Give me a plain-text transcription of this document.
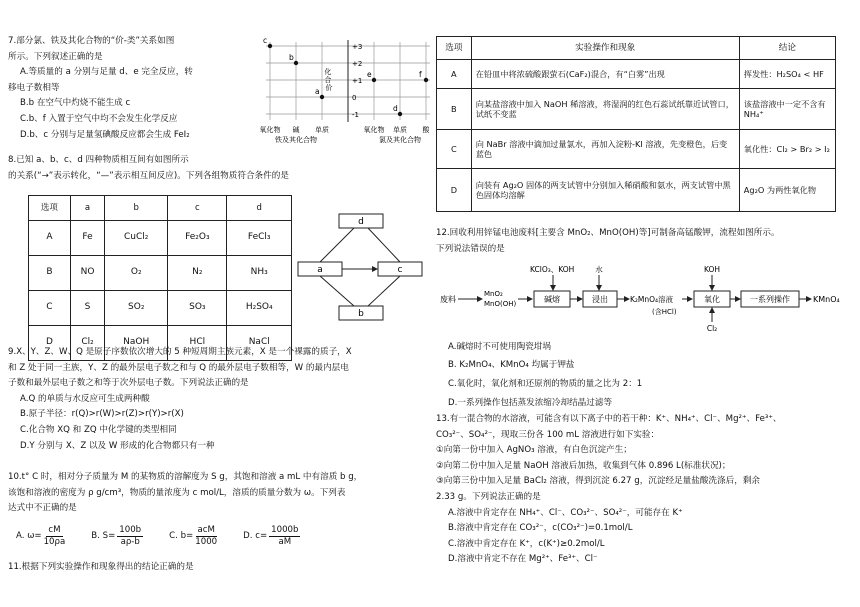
7.部分氯、铁及其化合物的“价-类”关系如图
所示。下列叙述正确的是
A.等质量的 a 分别与足量 d、e 完全反应，转
移电子数相等
B.b 在空气中灼烧不能生成 c
C.b、f 入置于空气中均不会发生化学反应
D.b、c 分别与足量氢碘酸反应都会生成 FeI₂
+3
+2
+1
0
-1
c
b
a
e
d
f
氧化物 碱 单质	氧化物 单质 酸
铁及其化合物	氯及其化合物
化 合 价
8.已知 a、b、c、d 四种物质相互间有如图所示
的关系(“→”表示转化，“—”表示相互间反应)。下列各组物质符合条件的是
选项	a	b	c	d
A	Fe	CuCl₂	Fe₂O₃	FeCl₃
B	NO	O₂	N₂	NH₃
C	S	SO₂	SO₃	H₂SO₄
D	Cl₂	NaOH	HCl	NaCl
d
a	c
b
9.X、Y、Z、W、Q 是原子序数依次增大的 5 种短周期主族元素，X 是一个裸露的质子，X
和 Z 处于同一主族，Y、Z 的最外层电子数之和与 Q 的最外层电子数相等，W 的最内层电
子数和最外层电子数之和等于次外层电子数。下列说法正确的是
A.Q 的单质与水反应可生成两种酸
B.原子半径：r(Q)>r(W)>r(Z)>r(Y)>r(X)
C.化合物 XQ 和 ZQ 中化学键的类型相同
D.Y 分别与 X、Z 以及 W 形成的化合物都只有一种
10.t° C 时，相对分子质量为 M 的某物质的溶解度为 S g，其饱和溶液 a mL 中有溶质 b g，
该饱和溶液的密度为 ρ g/cm³，物质的量浓度为 c mol/L，溶质的质量分数为 ω。下列表
达式中不正确的是
A. $\omega= \frac{cM}{10\rho a}$	B. $S= \frac{100b}{a\rho-b}$	C. b=
acM
1000
D. $c= \frac{1000b}{aM}$
11.根据下列实验操作和现象得出的结论正确的是
选项	实验操作和现象	结论
A	在铅皿中将浓硫酸跟萤石(CaF₂)混合，有“白雾”出现	挥发性：H₂SO₄ < HF
B	向某盐溶液中加入 NaOH 稀溶液，将湿润的红色石蕊试纸靠近试管口，试纸不变蓝	该盐溶液中一定不含有 NH₄⁺
C	向 NaBr 溶液中滴加过量氯水，再加入淀粉-KI 溶液，先变橙色，后变蓝色	氧化性：Cl₂ > Br₂ > I₂
D	向装有 Ag₂O 固体的两支试管中分别加入稀硝酸和氨水，两支试管中黑色固体均溶解	Ag₂O 为两性氧化物
12.回收利用锌锰电池废料[主要含 MnO₂、MnO(OH)等]可制备高锰酸钾，流程如图所示。
下列说法错误的是
废料
MnO₂
MnO(OH)
KClO₃、KOH
碱熔
水
浸出	K₂MnO₄溶液
(含HCl)
KOH
氧化
Cl₂
一系列操作	KMnO₄
A.碱熔时不可使用陶瓷坩埚
B. K₂MnO₄、KMnO₄ 均属于钾盐
C.氧化时，氧化剂和还原剂的物质的量之比为 2：1
D.一系列操作包括蒸发浓缩冷却结晶过滤等
13.有一混合物的水溶液，可能含有以下离子中的若干种：K⁺、NH₄⁺、Cl⁻、Mg²⁺、Fe³⁺、
CO₃²⁻、SO₄²⁻，现取三份各 100 mL 溶液进行如下实验：
①向第一份中加入 AgNO₃ 溶液，有白色沉淀产生；
②向第二份中加入足量 NaOH 溶液后加热，收集到气体 0.896 L(标准状况)；
③向第三份中加入足量 BaCl₂ 溶液，得到沉淀 6.27 g，沉淀经足量盐酸洗涤后，剩余
2.33 g。下列说法正确的是
A.溶液中肯定存在 NH₄⁺、Cl⁻、CO₃²⁻、SO₄²⁻，可能存在 K⁺
B.溶液中肯定存在 CO₃²⁻，c(CO₃²⁻)=0.1mol/L
C.溶液中肯定存在 K⁺，c(K⁺)≥0.2mol/L
D.溶液中肯定不存在 Mg²⁺、Fe³⁺、Cl⁻
